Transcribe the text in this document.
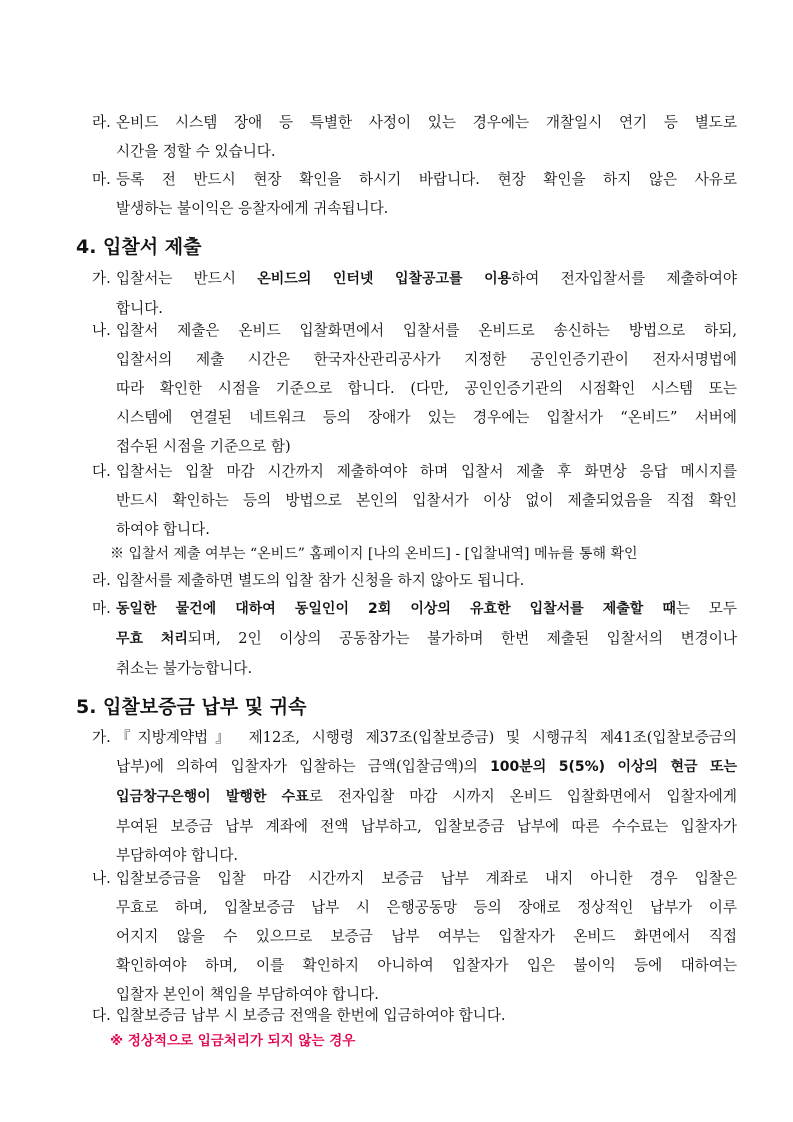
라. 온비드 시스템 장애 등 특별한 사정이 있는 경우에는 개찰일시 연기 등 별도로
시간을 정할 수 있습니다.
마. 등록 전 반드시 현장 확인을 하시기 바랍니다. 현장 확인을 하지 않은 사유로
발생하는 불이익은 응찰자에게 귀속됩니다.
4. 입찰서 제출
가. 입찰서는 반드시 온비드의 인터넷 입찰공고를 이용하여 전자입찰서를 제출하여야
합니다.
나. 입찰서 제출은 온비드 입찰화면에서 입찰서를 온비드로 송신하는 방법으로 하되,
입찰서의 제출 시간은 한국자산관리공사가 지정한 공인인증기관이 전자서명법에
따라 확인한 시점을 기준으로 합니다. (다만, 공인인증기관의 시점확인 시스템 또는
시스템에 연결된 네트워크 등의 장애가 있는 경우에는 입찰서가 “온비드” 서버에
접수된 시점을 기준으로 함)
다. 입찰서는 입찰 마감 시간까지 제출하여야 하며 입찰서 제출 후 화면상 응답 메시지를
반드시 확인하는 등의 방법으로 본인의 입찰서가 이상 없이 제출되었음을 직접 확인
하여야 합니다.
※ 입찰서 제출 여부는 “온비드” 홈페이지 [나의 온비드] - [입찰내역] 메뉴를 통해 확인
라. 입찰서를 제출하면 별도의 입찰 참가 신청을 하지 않아도 됩니다.
마. 동일한 물건에 대하여 동일인이 2회 이상의 유효한 입찰서를 제출할 때는 모두
무효 처리되며, 2인 이상의 공동참가는 불가하며 한번 제출된 입찰서의 변경이나
취소는 불가능합니다.
5. 입찰보증금 납부 및 귀속
가. 『지방계약법』 제12조, 시행령 제37조(입찰보증금) 및 시행규칙 제41조(입찰보증금의
납부)에 의하여 입찰자가 입찰하는 금액(입찰금액)의 100분의 5(5%) 이상의 현금 또는
입금창구은행이 발행한 수표로 전자입찰 마감 시까지 온비드 입찰화면에서 입찰자에게
부여된 보증금 납부 계좌에 전액 납부하고, 입찰보증금 납부에 따른 수수료는 입찰자가
부담하여야 합니다.
나. 입찰보증금을 입찰 마감 시간까지 보증금 납부 계좌로 내지 아니한 경우 입찰은
무효로 하며, 입찰보증금 납부 시 은행공동망 등의 장애로 정상적인 납부가 이루
어지지 않을 수 있으므로 보증금 납부 여부는 입찰자가 온비드 화면에서 직접
확인하여야 하며, 이를 확인하지 아니하여 입찰자가 입은 불이익 등에 대하여는
입찰자 본인이 책임을 부담하여야 합니다.
다. 입찰보증금 납부 시 보증금 전액을 한번에 입금하여야 합니다.
※ 정상적으로 입금처리가 되지 않는 경우
